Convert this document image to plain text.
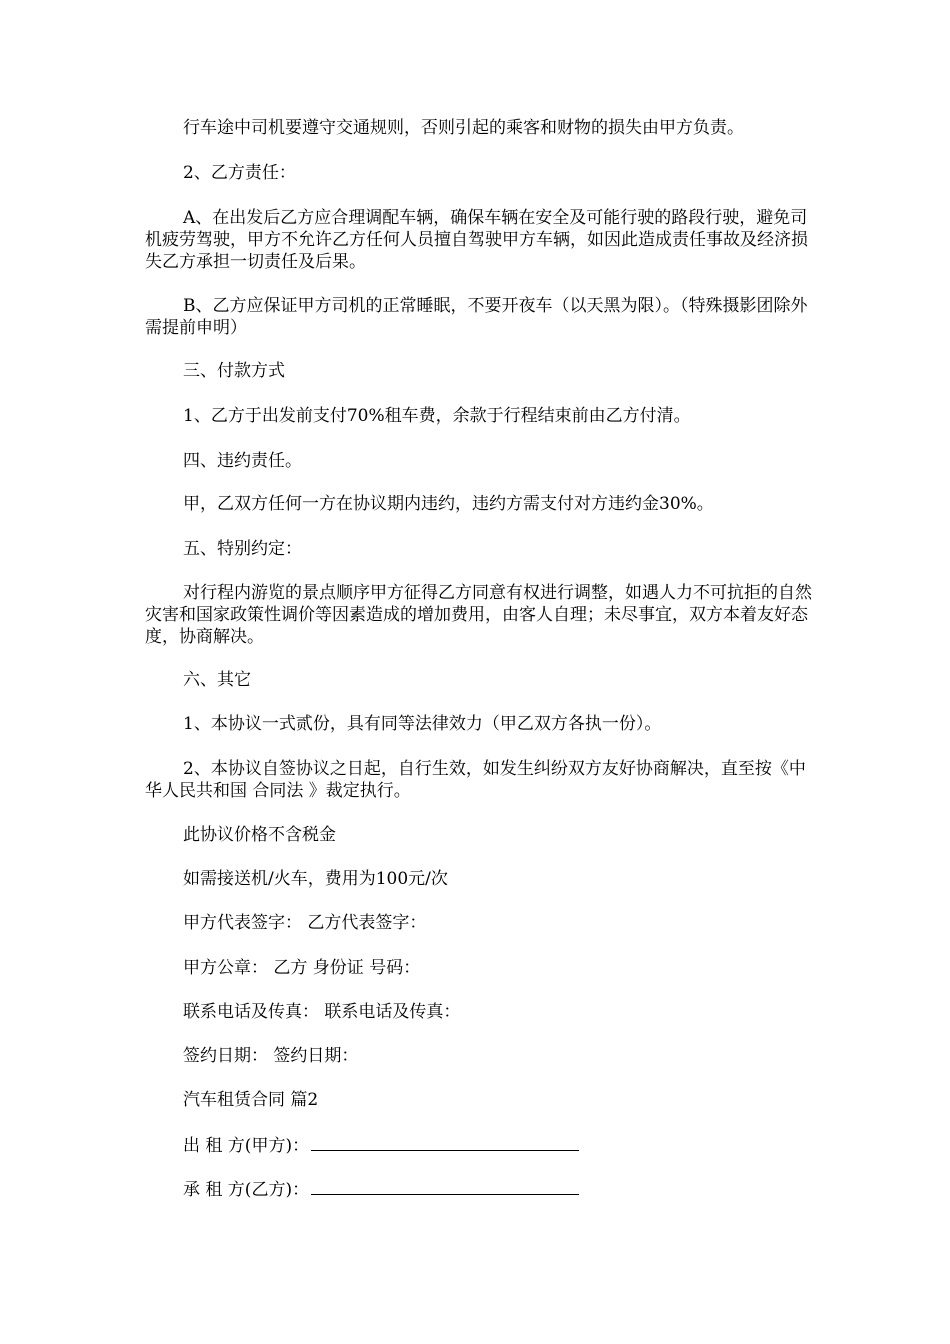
行车途中司机要遵守交通规则，否则引起的乘客和财物的损失由甲方负责。

2、乙方责任：

A、在出发后乙方应合理调配车辆，确保车辆在安全及可能行驶的路段行驶，避免司机疲劳驾驶，甲方不允许乙方任何人员擅自驾驶甲方车辆，如因此造成责任事故及经济损失乙方承担一切责任及后果。

B、乙方应保证甲方司机的正常睡眠，不要开夜车（以天黑为限）。（特殊摄影团除外需提前申明）

三、付款方式

1、乙方于出发前支付70%租车费，余款于行程结束前由乙方付清。

四、违约责任。

甲，乙双方任何一方在协议期内违约，违约方需支付对方违约金30%。

五、特别约定：

对行程内游览的景点顺序甲方征得乙方同意有权进行调整，如遇人力不可抗拒的自然灾害和国家政策性调价等因素造成的增加费用，由客人自理；未尽事宜，双方本着友好态度，协商解决。

六、其它

1、本协议一式贰份，具有同等法律效力（甲乙双方各执一份）。

2、本协议自签协议之日起，自行生效，如发生纠纷双方友好协商解决，直至按《中华人民共和国 合同法 》裁定执行。

此协议价格不含税金

如需接送机/火车，费用为100元/次

甲方代表签字： 乙方代表签字：

甲方公章： 乙方 身份证 号码：

联系电话及传真： 联系电话及传真：

签约日期： 签约日期：

汽车租赁合同 篇2

出 租 方(甲方)：

承 租 方(乙方)：
